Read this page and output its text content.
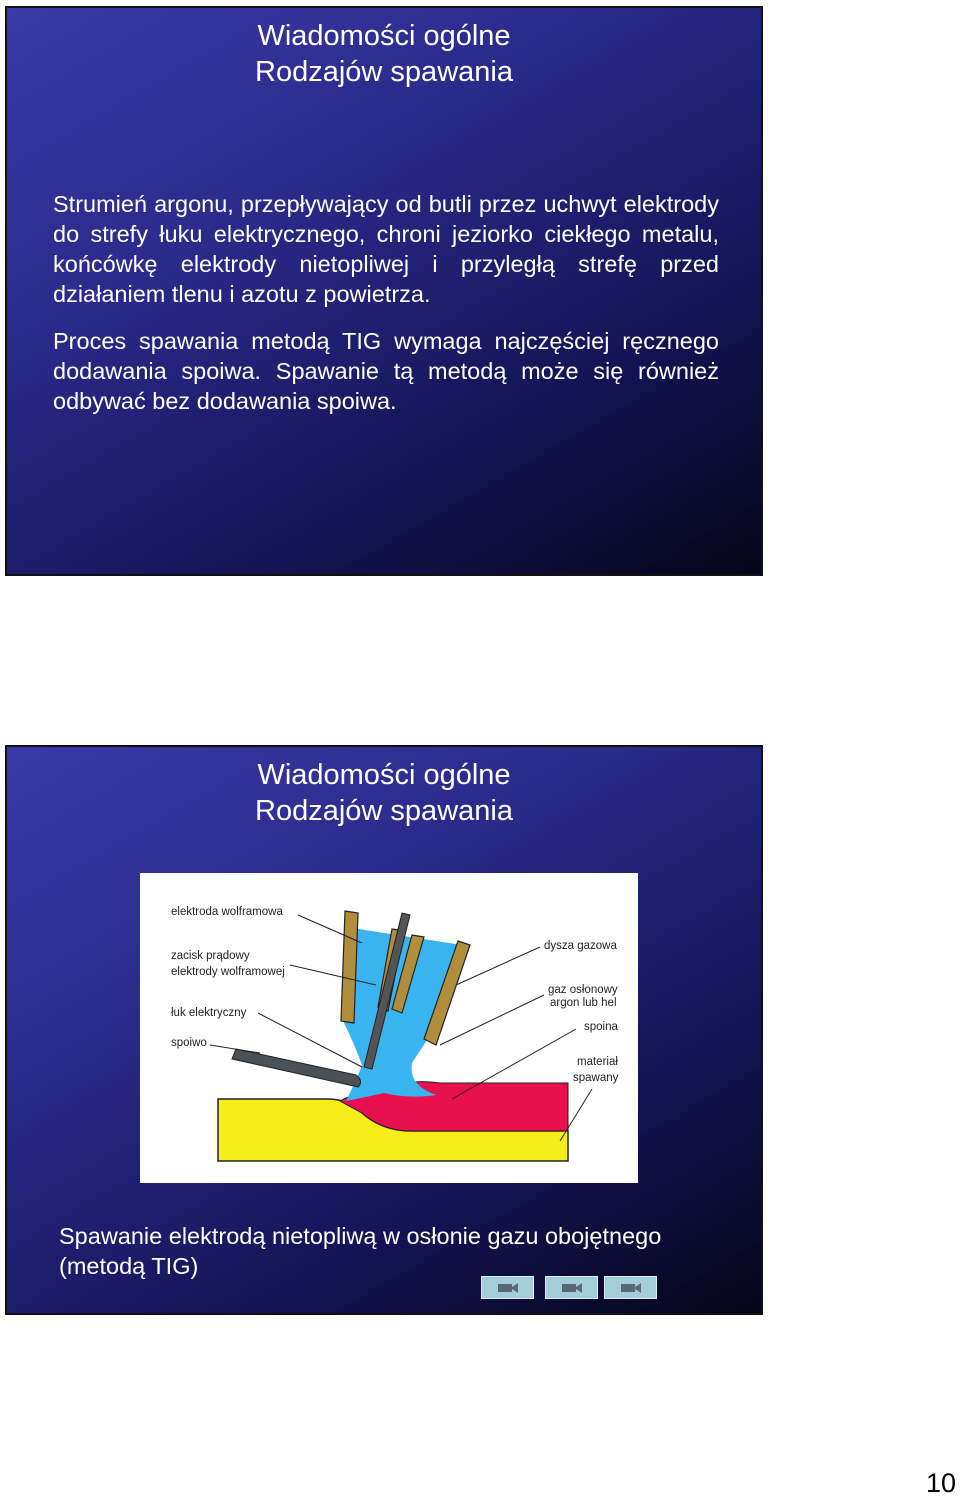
Wiadomości ogólne
Rodzajów spawania
Strumień argonu, przepływający od butli przez uchwyt elektrody do strefy łuku elektrycznego, chroni jeziorko ciekłego metalu, końcówkę elektrody nietopliwej i przyległą strefę przed działaniem tlenu i azotu z powietrza.
Proces spawania metodą TIG wymaga najczęściej ręcznego dodawania spoiwa. Spawanie tą metodą może się również odbywać bez dodawania spoiwa.
Wiadomości ogólne
Rodzajów spawania
elektroda wolframowa
zacisk prądowy
elektrody wolframowej
łuk elektryczny
spoiwo
dysza gazowa
gaz osłonowy
argon lub hel
spoina
materiał
spawany
Spawanie elektrodą nietopliwą w osłonie gazu obojętnego (metodą TIG)
10
